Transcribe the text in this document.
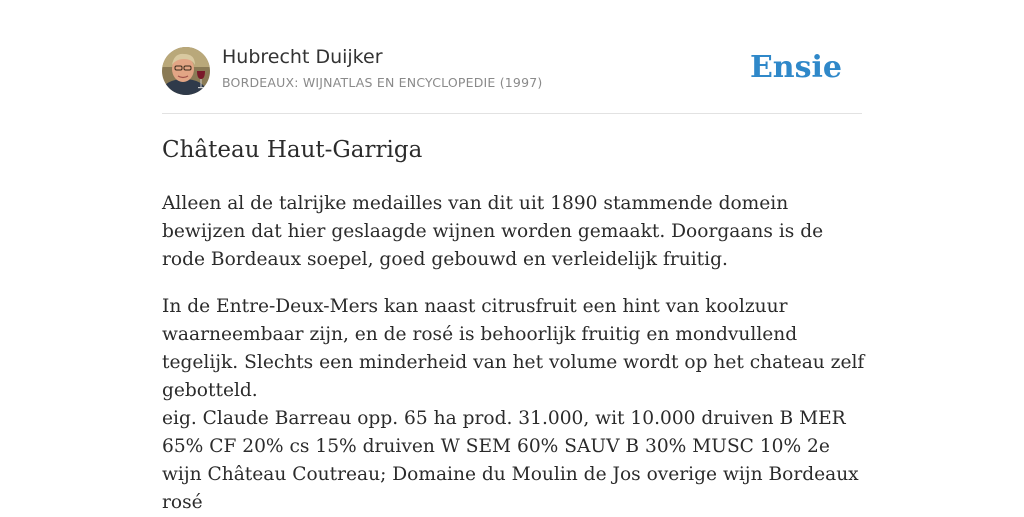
Hubrecht Duijker
BORDEAUX: WIJNATLAS EN ENCYCLOPEDIE (1997)	Ensie
Château Haut-Garriga

Alleen al de talrijke medailles van dit uit 1890 stammende domein bewijzen dat hier geslaagde wijnen worden gemaakt. Doorgaans is de rode Bordeaux soepel, goed gebouwd en verleidelijk fruitig.

In de Entre-Deux-Mers kan naast citrusfruit een hint van koolzuur waarneembaar zijn, en de rosé is behoorlijk fruitig en mondvullend tegelijk. Slechts een minderheid van het volume wordt op het chateau zelf gebotteld.

eig. Claude Barreau opp. 65 ha prod. 31.000, wit 10.000 druiven B MER 65% CF 20% cs 15% druiven W SEM 60% SAUV B 30% MUSC 10% 2e wijn Château Coutreau; Domaine du Moulin de Jos overige wijn Bordeaux rosé
